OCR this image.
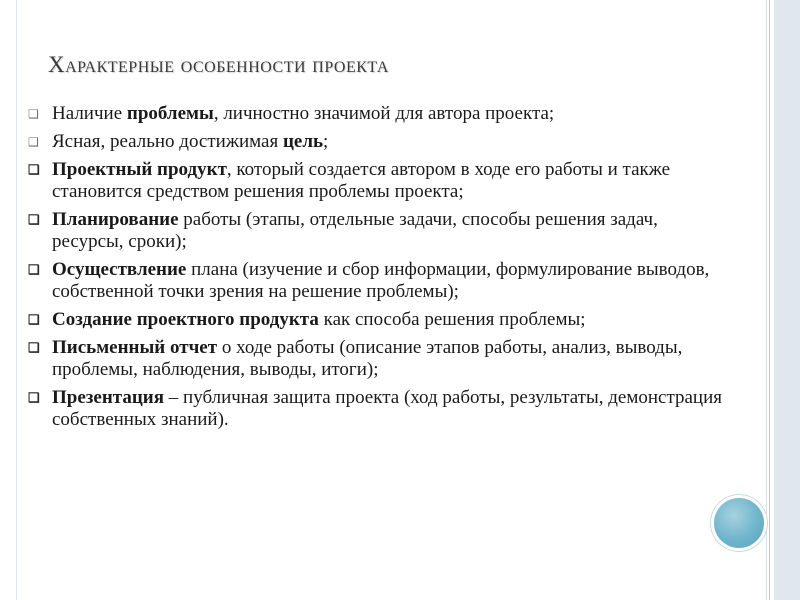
Характерные особенности проекта
❑ Наличие проблемы, личностно значимой для автора проекта;
❑ Ясная, реально достижимая цель;
❑ Проектный продукт, который создается автором в ходе его работы и также становится средством решения проблемы проекта;
❑ Планирование работы (этапы, отдельные задачи, способы решения задач, ресурсы, сроки);
❑ Осуществление плана (изучение и сбор информации, формулирование выводов, собственной точки зрения на решение проблемы);
❑ Создание проектного продукта как способа решения проблемы;
❑ Письменный отчет о ходе работы (описание этапов работы, анализ, выводы, проблемы, наблюдения, выводы, итоги);
❑ Презентация – публичная защита проекта (ход работы, результаты, демонстрация собственных знаний).
